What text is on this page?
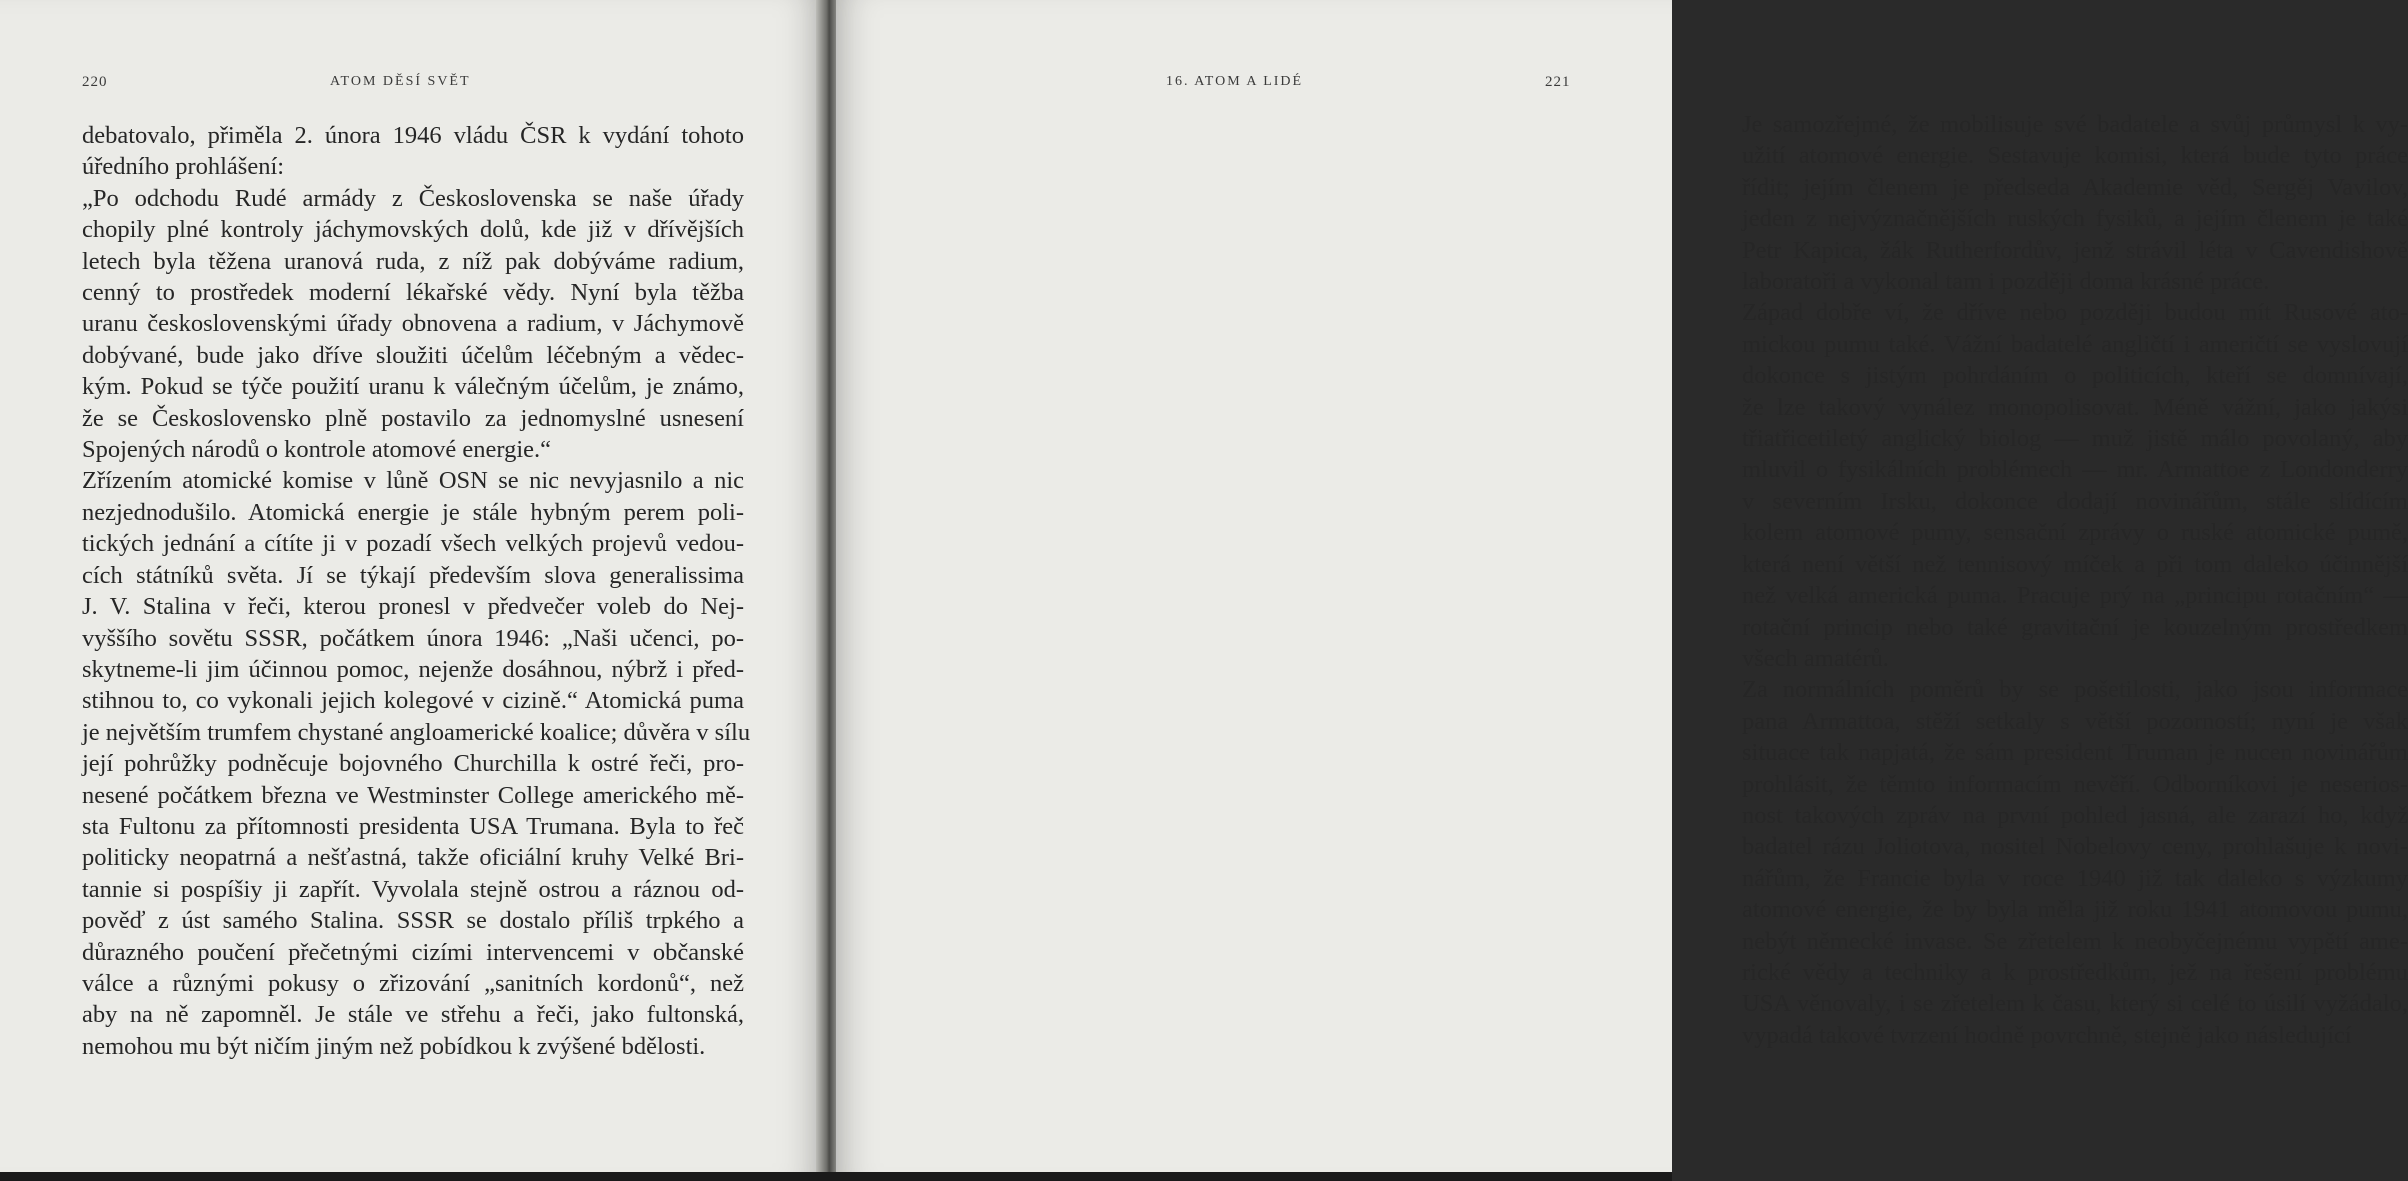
220	ATOM DĚSÍ SVĚT
debatovalo, přiměla 2. února 1946 vládu ČSR k vydání tohoto
úředního prohlášení:
„Po odchodu Rudé armády z Československa se naše úřady
chopily plné kontroly jáchymovských dolů, kde již v dřívějších
letech byla těžena uranová ruda, z níž pak dobýváme radium,
cenný to prostředek moderní lékařské vědy. Nyní byla těžba
uranu československými úřady obnovena a radium, v Jáchymově
dobývané, bude jako dříve sloužiti účelům léčebným a vědec-
kým. Pokud se týče použití uranu k válečným účelům, je známo,
že se Československo plně postavilo za jednomyslné usnesení
Spojených národů o kontrole atomové energie.“
Zřízením atomické komise v lůně OSN se nic nevyjasnilo a nic
nezjednodušilo. Atomická energie je stále hybným perem poli-
tických jednání a cítíte ji v pozadí všech velkých projevů vedou-
cích státníků světa. Jí se týkají především slova generalissima
J. V. Stalina v řeči, kterou pronesl v předvečer voleb do Nej-
vyššího sovětu SSSR, počátkem února 1946: „Naši učenci, po-
skytneme-li jim účinnou pomoc, nejenže dosáhnou, nýbrž i před-
stihnou to, co vykonali jejich kolegové v cizině.“ Atomická puma
je největším trumfem chystané angloamerické koalice; důvěra v sílu
její pohrůžky podněcuje bojovného Churchilla k ostré řeči, pro-
nesené počátkem března ve Westminster College amerického mě-
sta Fultonu za přítomnosti presidenta USA Trumana. Byla to řeč
politicky neopatrná a nešťastná, takže oficiální kruhy Velké Bri-
tannie si pospíšiy ji zapřít. Vyvolala stejně ostrou a ráznou od-
pověď z úst samého Stalina. SSSR se dostalo příliš trpkého a
důrazného poučení přečetnými cizími intervencemi v občanské
válce a různými pokusy o zřizování „sanitních kordonů“, než
aby na ně zapomněl. Je stále ve střehu a řeči, jako fultonská,
nemohou mu být ničím jiným než pobídkou k zvýšené bdělosti.
16. ATOM A LIDÉ	221
Je samozřejmé, že mobilisuje své badatele a svůj průmysl k vy-
užití atomové energie. Sestavuje komisi, která bude tyto práce
řídit; jejím členem je předseda Akademie věd, Sergěj Vavilov,
jeden z nejvýznačnějších ruských fysiků, a jejím členem je také
Petr Kapica, žák Rutherfordův, jenž strávil léta v Cavendishově
laboratoři a vykonal tam i později doma krásné práce.
Západ dobře ví, že dříve nebo později budou mít Rusové ato-
mickou pumu také. Vážní badatelé angličtí i američtí se vyslovují
dokonce s jistým pohrdáním o politicích, kteří se domnívají,
že lze takový vynález monopolisovat. Méně vážní, jako jakýsi
třiatřicetiletý anglický biolog — muž jistě málo povolaný, aby
mluvil o fysikálních problémech — mr. Armattoe z Londonderry
v severním Irsku, dokonce dodají novinářům, stále slídícím
kolem atomové pumy, sensační zprávy o ruské atomické pumě,
která není větší než tennisový míček a při tom daleko účinnější
než velká americká puma. Pracuje prý na „principu rotačním“ —
rotační princip nebo také gravitační je kouzelným prostředkem
všech amatérů.
Za normálních poměrů by se pošetilosti, jako jsou informace
pana Armattoa, stěží setkaly s větší pozorností; nyní je však
situace tak napjatá, že sám president Truman je nucen novinářům
prohlásit, že těmto informacím nevěří. Odborníkovi je neserios-
nost takových zpráv na první pohled jasná, ale zarazí ho, když
badatel rázu Joliotova, nositel Nobelovy ceny, prohlašuje k novi-
nářům, že Francie byla v roce 1940 již tak daleko s výzkumy
atomové energie, že by byla měla již roku 1941 atomovou pumu,
nebýt německé invase. Se zřetelem k neobyčejnému vypětí ame-
rické vědy a techniky a k prostředkům, jež na řešení problému
USA věnovaly, i se zřetelem k času, který si celé to úsilí vyžádalo,
vypadá takové tvrzení hodně povrchně, stejně jako následující
